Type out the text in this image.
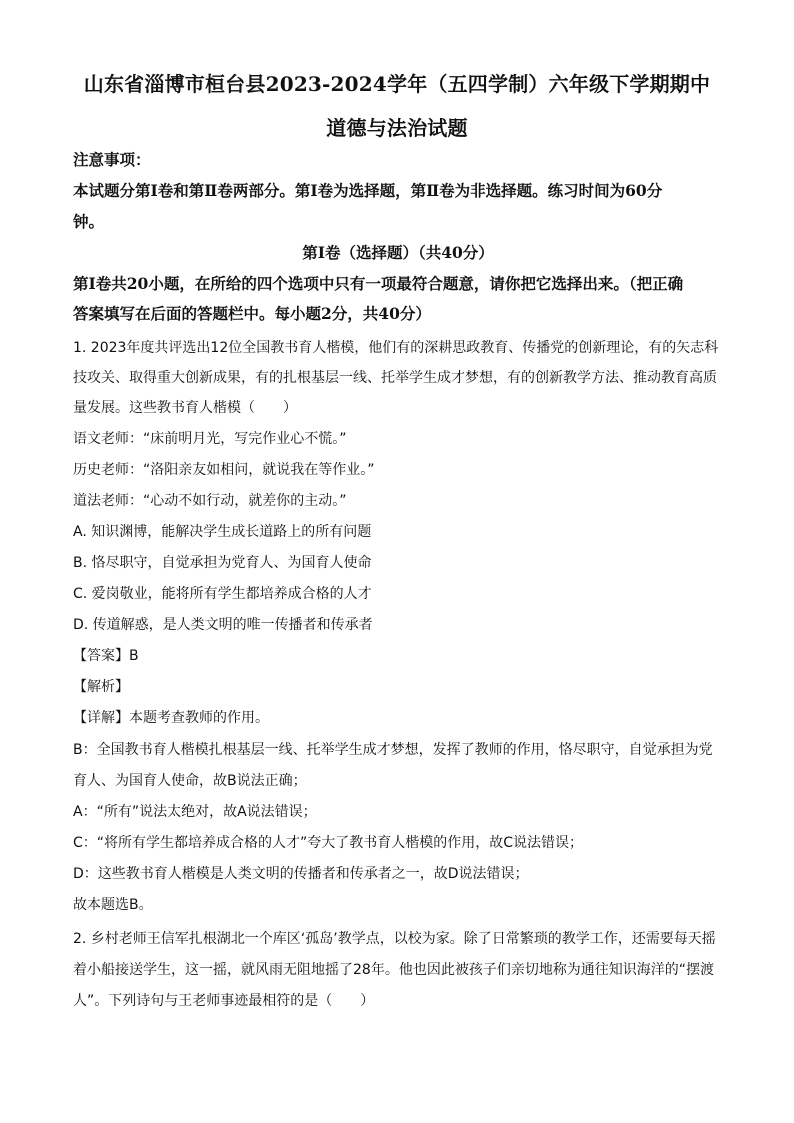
山东省淄博市桓台县2023-2024学年（五四学制）六年级下学期期中
道德与法治试题
注意事项：
本试题分第Ⅰ卷和第Ⅱ卷两部分。第Ⅰ卷为选择题，第Ⅱ卷为非选择题。练习时间为60分
钟。
第Ⅰ卷（选择题）（共40分）
第Ⅰ卷共20小题，在所给的四个选项中只有一项最符合题意，请你把它选择出来。（把正确
答案填写在后面的答题栏中。每小题2分，共40分）
1. 2023年度共评选出12位全国教书育人楷模，他们有的深耕思政教育、传播党的创新理论，有的矢志科
技攻关、取得重大创新成果，有的扎根基层一线、托举学生成才梦想，有的创新教学方法、推动教育高质
量发展。这些教书育人楷模（　　）
语文老师：“床前明月光，写完作业心不慌。”
历史老师：“洛阳亲友如相问，就说我在等作业。”
道法老师：“心动不如行动，就差你的主动。”
A. 知识渊博，能解决学生成长道路上的所有问题
B. 恪尽职守，自觉承担为党育人、为国育人使命
C. 爱岗敬业，能将所有学生都培养成合格的人才
D. 传道解惑，是人类文明的唯一传播者和传承者
【答案】B
【解析】
【详解】本题考查教师的作用。
B：全国教书育人楷模扎根基层一线、托举学生成才梦想，发挥了教师的作用，恪尽职守，自觉承担为党
育人、为国育人使命，故B说法正确；
A：“所有”说法太绝对，故A说法错误；
C：“将所有学生都培养成合格的人才”夸大了教书育人楷模的作用，故C说法错误；
D：这些教书育人楷模是人类文明的传播者和传承者之一，故D说法错误；
故本题选B。
2. 乡村老师王信军扎根湖北一个库区‘孤岛’教学点，以校为家。除了日常繁琐的教学工作，还需要每天摇
着小船接送学生，这一摇，就风雨无阻地摇了28年。他也因此被孩子们亲切地称为通往知识海洋的“摆渡
人”。下列诗句与王老师事迹最相符的是（　　）
